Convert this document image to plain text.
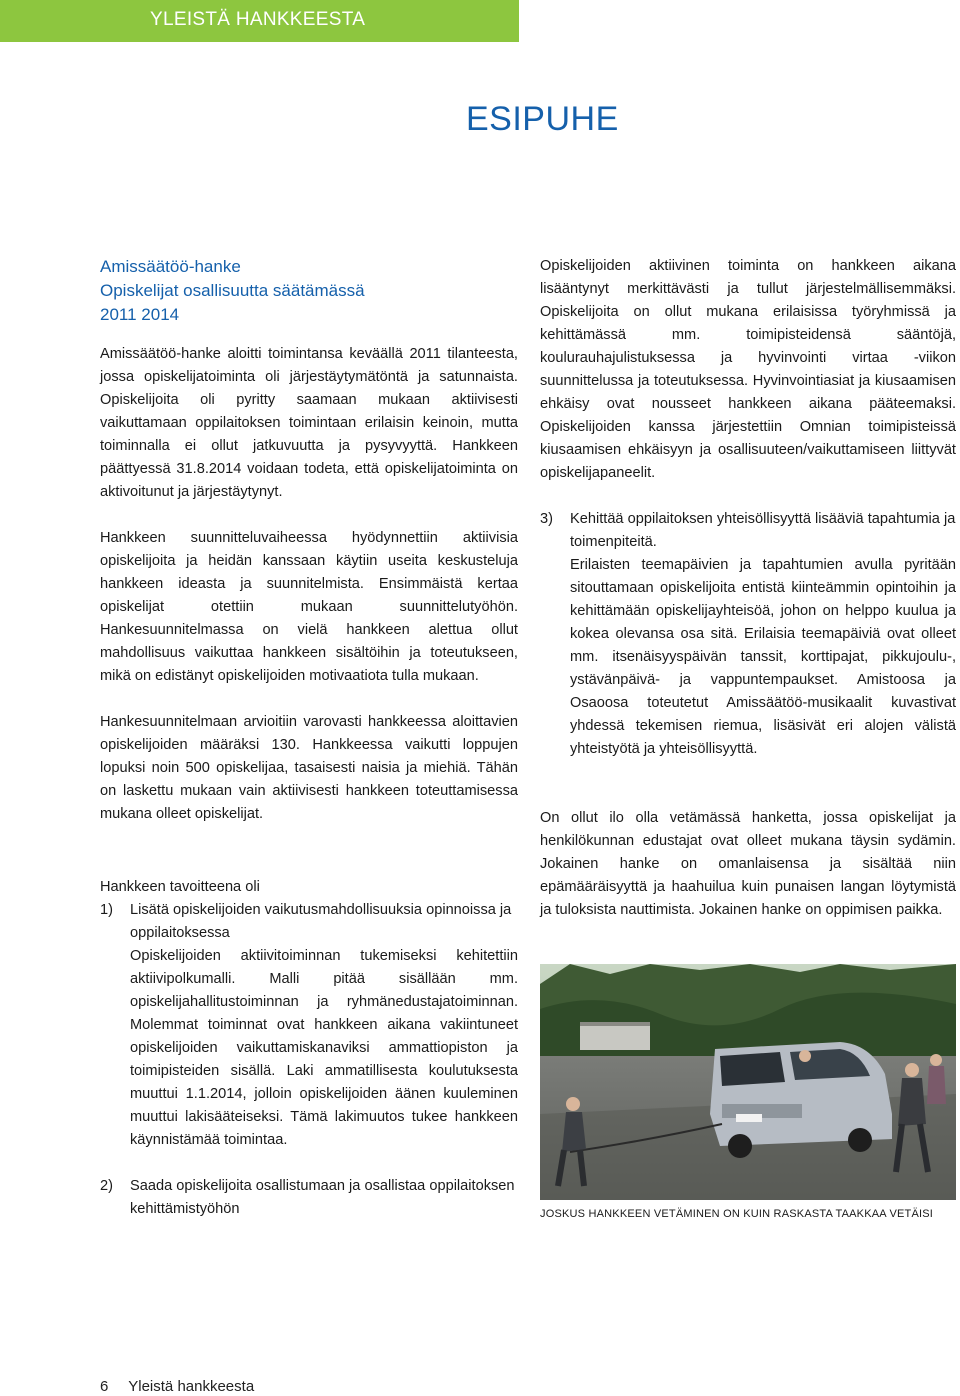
YLEISTÄ HANKKEESTA
ESIPUHE
Amissäätöö-hanke
Opiskelijat osallisuutta säätämässä
2011 2014

Amissäätöö-hanke aloitti toimintansa keväällä 2011 tilanteesta, jossa opiskelijatoiminta oli järjestäytymätöntä ja satunnaista. Opiskelijoita oli pyritty saamaan mukaan aktiivisesti vaikuttamaan oppilaitoksen toimintaan erilaisin keinoin, mutta toiminnalla ei ollut jatkuvuutta ja pysyvyyttä. Hankkeen päättyessä 31.8.2014 voidaan todeta, että opiskelijatoiminta on aktivoitunut ja järjestäytynyt.

Hankkeen suunnitteluvaiheessa hyödynnettiin aktiivisia opiskelijoita ja heidän kanssaan käytiin useita keskusteluja hankkeen ideasta ja suunnitelmista. Ensimmäistä kertaa opiskelijat otettiin mukaan suunnittelutyöhön. Hankesuunnitelmassa on vielä hankkeen alettua ollut mahdollisuus vaikuttaa hankkeen sisältöihin ja toteutukseen, mikä on edistänyt opiskelijoiden motivaatiota tulla mukaan.

Hankesuunnitelmaan arvioitiin varovasti hankkeessa aloittavien opiskelijoiden määräksi 130. Hankkeessa vaikutti loppujen lopuksi noin 500 opiskelijaa, tasaisesti naisia ja miehiä. Tähän on laskettu mukaan vain aktiivisesti hankkeen toteuttamisessa mukana olleet opiskelijat.

Hankkeen tavoitteena oli

1) Lisätä opiskelijoiden vaikutusmahdollisuuksia opinnoissa ja oppilaitoksessa
Opiskelijoiden aktiivitoiminnan tukemiseksi kehitettiin aktiivipolkumalli. Malli pitää sisällään mm. opiskelijahallitustoiminnan ja ryhmänedustajatoiminnan. Molemmat toiminnat ovat hankkeen aikana vakiintuneet opiskelijoiden vaikuttamiskanaviksi ammattiopiston ja toimipisteiden sisällä. Laki ammatillisesta koulutuksesta muuttui 1.1.2014, jolloin opiskelijoiden äänen kuuleminen muuttui lakisääteiseksi. Tämä lakimuutos tukee hankkeen käynnistämää toimintaa.
2) Saada opiskelijoita osallistumaan ja osallistaa oppilaitoksen kehittämistyöhön

Opiskelijoiden aktiivinen toiminta on hankkeen aikana lisääntynyt merkittävästi ja tullut järjestelmällisemmäksi. Opiskelijoita on ollut mukana erilaisissa työryhmissä ja kehittämässä mm. toimipisteidensä sääntöjä, koulurauhajulistuksessa ja hyvinvointi virtaa -viikon suunnittelussa ja toteutuksessa. Hyvinvointiasiat ja kiusaamisen ehkäisy ovat nousseet hankkeen aikana pääteemaksi. Opiskelijoiden kanssa järjestettiin Omnian toimipisteissä kiusaamisen ehkäisyyn ja osallisuuteen/vaikuttamiseen liittyvät opiskelijapaneelit.

3) Kehittää oppilaitoksen yhteisöllisyyttä lisääviä tapahtumia ja toimenpiteitä.
Erilaisten teemapäivien ja tapahtumien avulla pyritään sitouttamaan opiskelijoita entistä kiinteämmin opintoihin ja kehittämään opiskelijayhteisöä, johon on helppo kuulua ja kokea olevansa osa sitä. Erilaisia teemapäiviä ovat olleet mm. itsenäisyyspäivän tanssit, korttipajat, pikkujoulu-, ystävänpäivä- ja vappuntempaukset. Amistoosa ja Osaoosa toteutetut Amissäätöö-musikaalit kuvastivat yhdessä tekemisen riemua, lisäsivät eri alojen välistä yhteistyötä ja yhteisöllisyyttä.

On ollut ilo olla vetämässä hanketta, jossa opiskelijat ja henkilökunnan edustajat ovat olleet mukana täysin sydämin. Jokainen hanke on omanlaisensa ja sisältää niin epämääräisyyttä ja haahuilua kuin punaisen langan löytymistä ja tuloksista nauttimista. Jokainen hanke on oppimisen paikka.

JOSKUS HANKKEEN VETÄMINEN ON KUIN RASKASTA TAAKKAA VETÄISI
6 Yleistä hankkeesta
